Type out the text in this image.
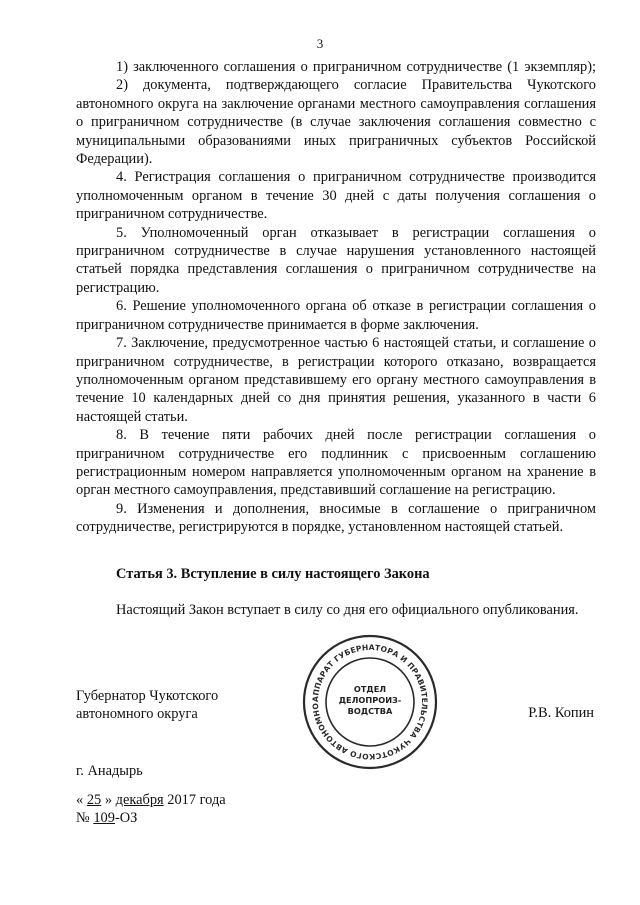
3

1) заключенного соглашения о приграничном сотрудничестве (1 экземпляр);

2) документа, подтверждающего согласие Правительства Чукотского автономного округа на заключение органами местного самоуправления соглашения о приграничном сотрудничестве (в случае заключения соглашения совместно с муниципальными образованиями иных приграничных субъектов Российской Федерации).

4. Регистрация соглашения о приграничном сотрудничестве производится уполномоченным органом в течение 30 дней с даты получения соглашения о приграничном сотрудничестве.

5. Уполномоченный орган отказывает в регистрации соглашения о приграничном сотрудничестве в случае нарушения установленного настоящей статьей порядка представления соглашения о приграничном сотрудничестве на регистрацию.

6. Решение уполномоченного органа об отказе в регистрации соглашения о приграничном сотрудничестве принимается в форме заключения.

7. Заключение, предусмотренное частью 6 настоящей статьи, и соглашение о приграничном сотрудничестве, в регистрации которого отказано, возвращается уполномоченным органом представившему его органу местного самоуправления в течение 10 календарных дней со дня принятия решения, указанного в части 6 настоящей статьи.

8. В течение пяти рабочих дней после регистрации соглашения о приграничном сотрудничестве его подлинник с присвоенным соглашению регистрационным номером направляется уполномоченным органом на хранение в орган местного самоуправления, представивший соглашение на регистрацию.

9. Изменения и дополнения, вносимые в соглашение о приграничном сотрудничестве, регистрируются в порядке, установленном настоящей статьей.

Статья 3. Вступление в силу настоящего Закона

Настоящий Закон вступает в силу со дня его официального опубликования.

Губернатор Чукотского
автономного округа	Р.В. Копин
АППАРАТ ГУБЕРНАТОРА И ПРАВИТЕЛЬСТВА ЧУКОТСКОГО АВТОНОМНО
ОТДЕЛ
ДЕЛОПРОИЗ-
ВОДСТВА
г. Анадырь
« 25 » декабря 2017 года
№ 109-ОЗ
